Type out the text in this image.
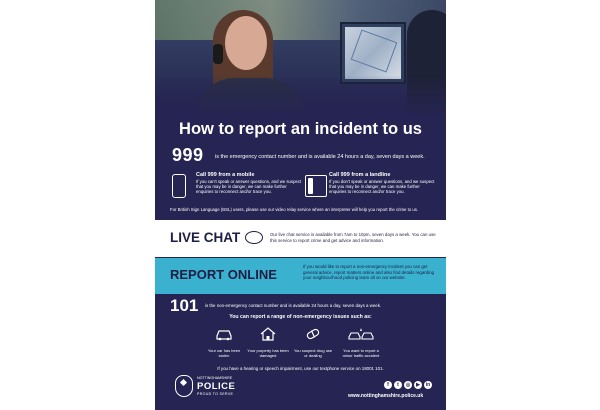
How to report an incident to us
999 is the emergency contact number and is available 24 hours a day, seven days a week.
Call 999 from a mobile
If you can't speak or answer questions, and we suspect that you may be in danger, we can make further enquiries to reconnect and/or trace you.
Call 999 from a landline
If you don't speak or answer questions, and we suspect that you may be in danger, we can make further enquiries to reconnect and/or trace you.
For British Sign Language (BSL) users, please use our video relay service where an interpreter will help you report the crime to us.
LIVE CHAT	Our live chat service is available from 7am to 10pm, seven days a week. You can use this service to report crime and get advice and information.
REPORT ONLINE
If you would like to report a non-emergency incident you can get general advice, report matters online and also find details regarding your neighbourhood policing team all on our website.
101 is the non-emergency contact number and is available 24 hours a day, seven days a week.
You can report a range of non-emergency issues such as:
Your car has been stolen
Your property has been damaged
You suspect drug use or dealing
You want to report a minor traffic accident
If you have a hearing or speech impairment, use our textphone service on 18001 101.
NOTTINGHAMSHIRE
POLICE
PROUD TO SERVE
f	t	◎	▶	in
www.nottinghamshire.police.uk
